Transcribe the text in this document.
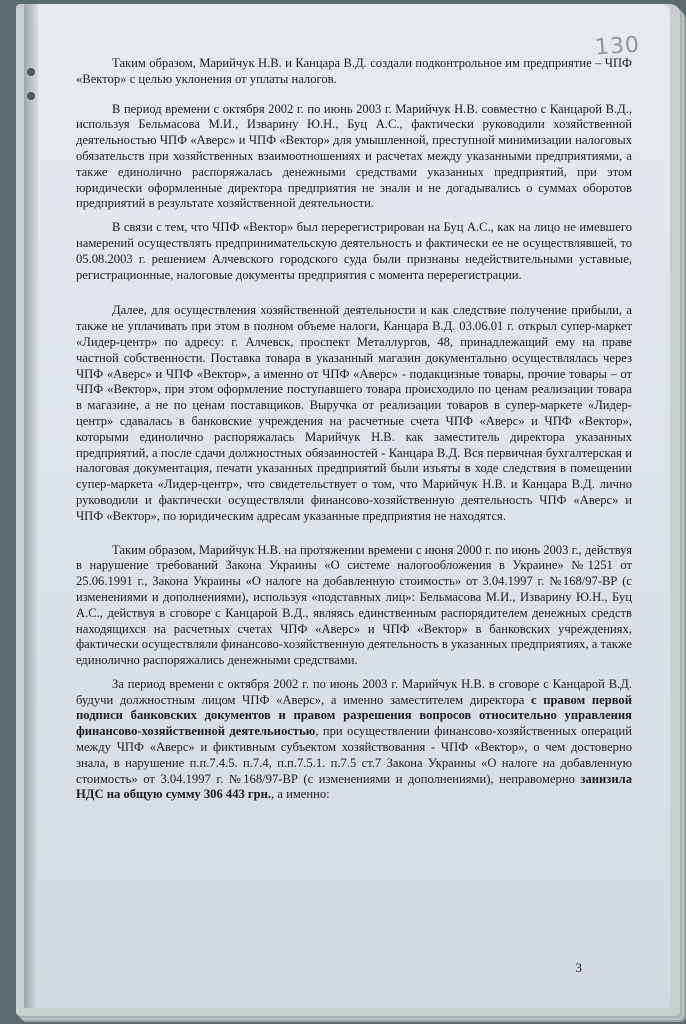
130

Таким образом, Марийчук Н.В. и Канцара В.Д. создали подконтрольное им предприятие – ЧПФ «Вектор» с целью уклонения от уплаты налогов.

В период времени с октября 2002 г. по июнь 2003 г. Марийчук Н.В. совместно с Канцарой В.Д., используя Бельмасова М.И., Изварину Ю.Н., Буц А.С., фактически руководили хозяйственной деятельностью ЧПФ «Аверс» и ЧПФ «Вектор» для умышленной, преступной минимизации налоговых обязательств при хозяйственных взаимоотношениях и расчетах между указанными предприятиями, а также единолично распоряжалась денежными средствами указанных предприятий, при этом юридически оформленные директора предприятия не знали и не догадывались о суммах оборотов предприятий в результате хозяйственной деятельности.

В связи с тем, что ЧПФ «Вектор» был перерегистрирован на Буц А.С., как на лицо не имевшего намерений осуществлять предпринимательскую деятельность и фактически ее не осуществлявшей, то 05.08.2003 г. решением Алчевского городского суда были признаны недействительными уставные, регистрационные, налоговые документы предприятия с момента перерегистрации.

Далее, для осуществления хозяйственной деятельности и как следствие получение прибыли, а также не уплачивать при этом в полном объеме налоги, Канцара В.Д. 03.06.01 г. открыл супер-маркет «Лидер-центр» по адресу: г. Алчевск, проспект Металлургов, 48, принадлежащий ему на праве частной собственности. Поставка товара в указанный магазин документально осуществлялась через ЧПФ «Аверс» и ЧПФ «Вектор», а именно от ЧПФ «Аверс» - подакцизные товары, прочие товары – от ЧПФ «Вектор», при этом оформление поступавшего товара происходило по ценам реализации товара в магазине, а не по ценам поставщиков. Выручка от реализации товаров в супер-маркете «Лидер-центр» сдавалась в банковские учреждения на расчетные счета ЧПФ «Аверс» и ЧПФ «Вектор», которыми единолично распоряжалась Марийчук Н.В. как заместитель директора указанных предприятий, а после сдачи должностных обязанностей - Канцара В.Д. Вся первичная бухгалтерская и налоговая документация, печати указанных предприятий были изъяты в ходе следствия в помещении супер-маркета «Лидер-центр», что свидетельствует о том, что Марийчук Н.В. и Канцара В.Д. лично руководили и фактически осуществляли финансово-хозяйственную деятельность ЧПФ «Аверс» и ЧПФ «Вектор», по юридическим адресам указанные предприятия не находятся.

Таким образом, Марийчук Н.В. на протяжении времени с июня 2000 г. по июнь 2003 г., действуя в нарушение требований Закона Украины «О системе налогообложения в Украине» №1251 от 25.06.1991 г., Закона Украины «О налоге на добавленную стоимость» от 3.04.1997 г. №168/97-ВР (с изменениями и дополнениями), используя «подставных лиц»: Бельмасова М.И., Изварину Ю.Н., Буц А.С., действуя в сговоре с Канцарой В.Д., являясь единственным распорядителем денежных средств находящихся на расчетных счетах ЧПФ «Аверс» и ЧПФ «Вектор» в банковских учреждениях, фактически осуществляли финансово-хозяйственную деятельность в указанных предприятиях, а также единолично распоряжались денежными средствами.

За период времени с октября 2002 г. по июнь 2003 г. Марийчук Н.В. в сговоре с Канцарой В.Д. будучи должностным лицом ЧПФ «Аверс», а именно заместителем директора с правом первой подписи банковских документов и правом разрешения вопросов относительно управления финансово-хозяйственной деятельностью, при осуществлении финансово-хозяйственных операций между ЧПФ «Аверс» и фиктивным субъектом хозяйствования - ЧПФ «Вектор», о чем достоверно знала, в нарушение п.п.7.4.5. п.7.4, п.п.7.5.1. п.7.5 ст.7 Закона Украины «О налоге на добавленную стоимость» от 3.04.1997 г. №168/97-ВР (с изменениями и дополнениями), неправомерно занизила НДС на общую сумму 306 443 грн., а именно:

3
